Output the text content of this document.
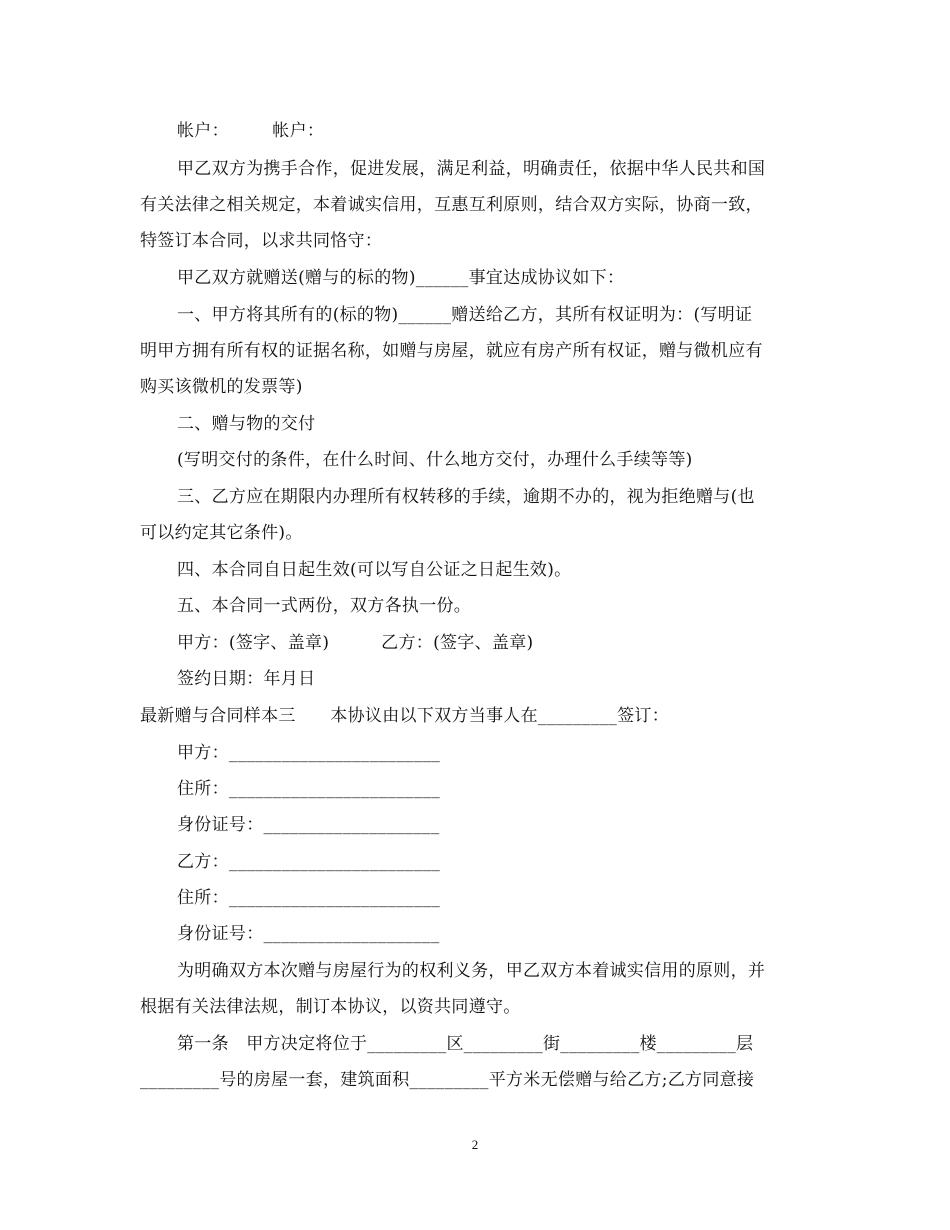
帐户：　　　帐户：
甲乙双方为携手合作，促进发展，满足利益，明确责任，依据中华人民共和国
有关法律之相关规定，本着诚实信用，互惠互利原则，结合双方实际，协商一致，
特签订本合同，以求共同恪守：
甲乙双方就赠送(赠与的标的物)______事宜达成协议如下：
一、甲方将其所有的(标的物)______赠送给乙方，其所有权证明为：(写明证
明甲方拥有所有权的证据名称，如赠与房屋，就应有房产所有权证，赠与微机应有
购买该微机的发票等)
二、赠与物的交付
(写明交付的条件，在什么时间、什么地方交付，办理什么手续等等)
三、乙方应在期限内办理所有权转移的手续，逾期不办的，视为拒绝赠与(也
可以约定其它条件)。
四、本合同自日起生效(可以写自公证之日起生效)。
五、本合同一式两份，双方各执一份。
甲方：(签字、盖章)　　　乙方：(签字、盖章)
签约日期：年月日
最新赠与合同样本三　　本协议由以下双方当事人在_________签订：
甲方：________________________
住所：________________________
身份证号：____________________
乙方：________________________
住所：________________________
身份证号：____________________
为明确双方本次赠与房屋行为的权利义务，甲乙双方本着诚实信用的原则，并
根据有关法律法规，制订本协议，以资共同遵守。
第一条　甲方决定将位于_________区_________街_________楼_________层
_________号的房屋一套，建筑面积_________平方米无偿赠与给乙方;乙方同意接
2
